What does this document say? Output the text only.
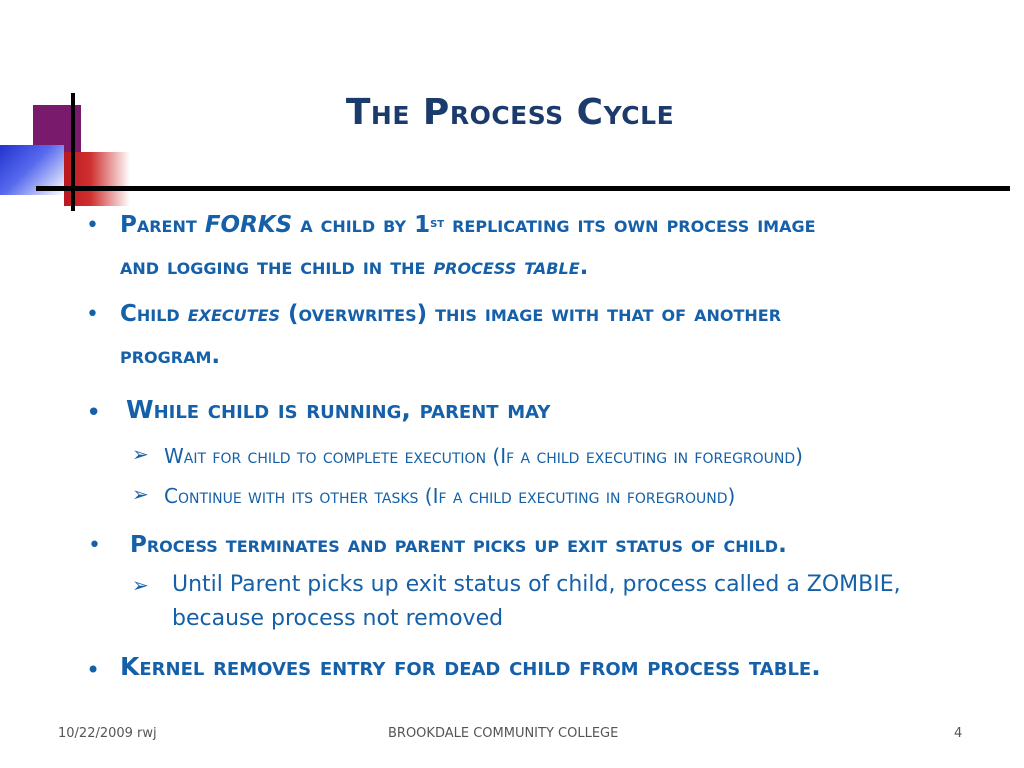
The Process Cycle
• Parent FORKS a child by 1st replicating its own process image
and logging the child in the process table.
• Child executes (overwrites) this image with that of another
program.
• While child is running, parent may
➢ Wait for child to complete execution (If a child executing in foreground)
➢ Continue with its other tasks (If a child executing in foreground)
• Process terminates and parent picks up exit status of child.
➢ Until Parent picks up exit status of child, process called a ZOMBIE,
because process not removed
• Kernel removes entry for dead child from process table.
10/22/2009 rwj	BROOKDALE COMMUNITY COLLEGE	4
